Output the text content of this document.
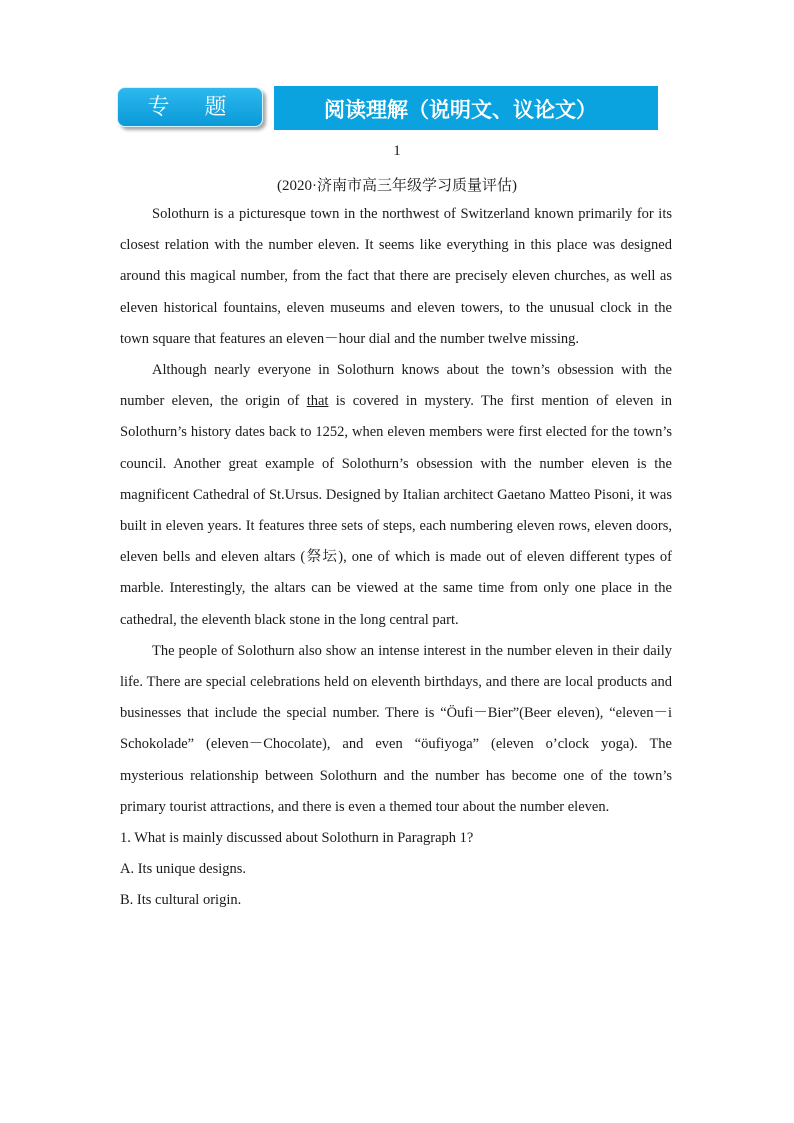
专 题 一
阅读理解（说明文、议论文）
1
(2020·济南市高三年级学习质量评估)

Solothurn is a picturesque town in the northwest of Switzerland known primarily for its closest relation with the number eleven. It seems like everything in this place was designed around this magical number, from the fact that there are precisely eleven churches, as well as eleven historical fountains, eleven museums and eleven towers, to the unusual clock in the town square that features an eleven－hour dial and the number twelve missing.

Although nearly everyone in Solothurn knows about the town’s obsession with the number eleven, the origin of that is covered in mystery. The first mention of eleven in Solothurn’s history dates back to 1252, when eleven members were first elected for the town’s council. Another great example of Solothurn’s obsession with the number eleven is the magnificent Cathedral of St.Ursus. Designed by Italian architect Gaetano Matteo Pisoni, it was built in eleven years. It features three sets of steps, each numbering eleven rows, eleven doors, eleven bells and eleven altars (祭坛), one of which is made out of eleven different types of marble. Interestingly, the altars can be viewed at the same time from only one place in the cathedral, the eleventh black stone in the long central part.

The people of Solothurn also show an intense interest in the number eleven in their daily life. There are special celebrations held on eleventh birthdays, and there are local products and businesses that include the special number. There is “Öufi－Bier”(Beer eleven), “eleven－i Schokolade” (eleven－Chocolate), and even “öufiyoga” (eleven o’clock yoga). The mysterious relationship between Solothurn and the number has become one of the town’s primary tourist attractions, and there is even a themed tour about the number eleven.

1. What is mainly discussed about Solothurn in Paragraph 1?

A. Its unique designs.

B. Its cultural origin.
